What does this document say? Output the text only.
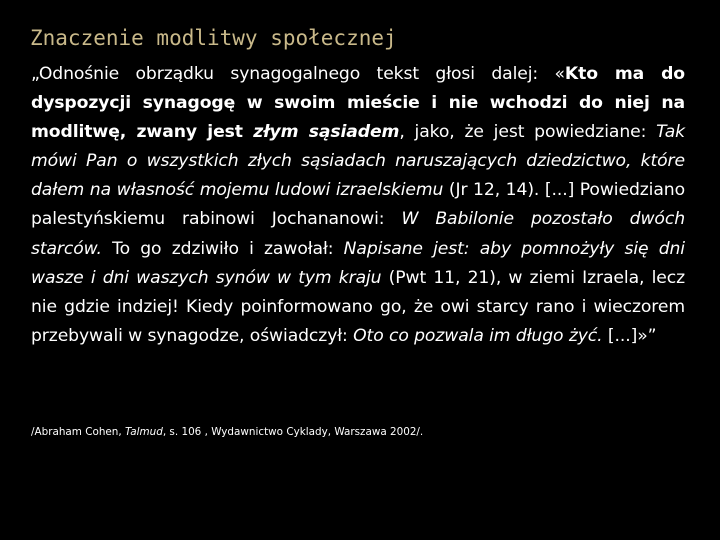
Znaczenie modlitwy społecznej

„Odnośnie obrządku synagogalnego tekst głosi dalej: «Kto ma do dyspozycji synagogę w swoim mieście i nie wchodzi do niej na modlitwę, zwany jest złym sąsiadem, jako, że jest powiedziane: Tak mówi Pan o wszystkich złych sąsiadach naruszających dziedzictwo, które dałem na własność mojemu ludowi izraelskiemu (Jr 12, 14). [...] Powiedziano palestyńskiemu rabinowi Jochananowi: W Babilonie pozostało dwóch starców. To go zdziwiło i zawołał: Napisane jest: aby pomnożyły się dni wasze i dni waszych synów w tym kraju (Pwt 11, 21), w ziemi Izraela, lecz nie gdzie indziej! Kiedy poinformowano go, że owi starcy rano i wieczorem przebywali w synagodze, oświadczył: Oto co pozwala im długo żyć. [...]»”

/Abraham Cohen, Talmud, s. 106 , Wydawnictwo Cyklady, Warszawa 2002/.
